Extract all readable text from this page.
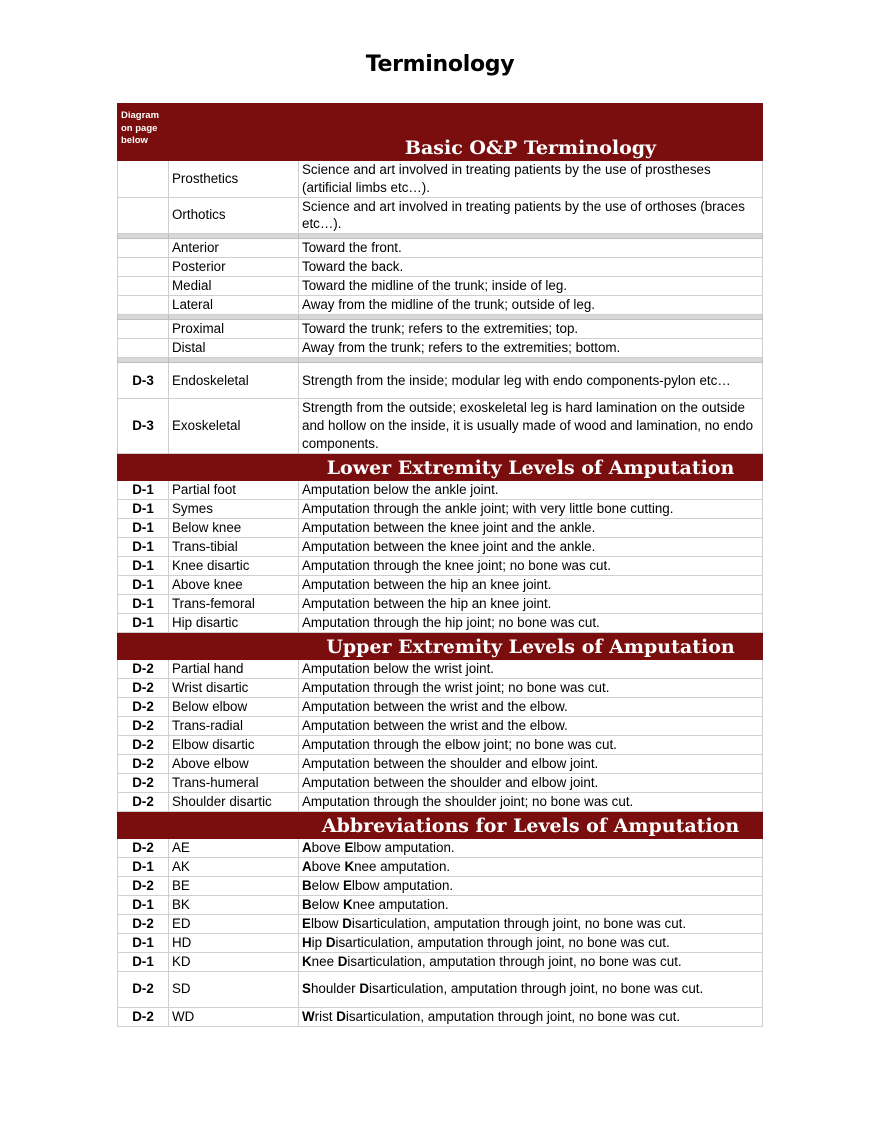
Terminology
Diagram on page below		Basic O&P Terminology
	Prosthetics	Science and art involved in treating patients by the use of prostheses (artificial limbs etc…).
	Orthotics	Science and art involved in treating patients by the use of orthoses (braces etc…).

	Anterior	Toward the front.
	Posterior	Toward the back.
	Medial	Toward the midline of the trunk; inside of leg.
	Lateral	Away from the midline of the trunk; outside of leg.

	Proximal	Toward the trunk; refers to the extremities; top.
	Distal	Away from the trunk; refers to the extremities; bottom.

D-3	Endoskeletal	Strength from the inside; modular leg with endo components-pylon etc…
D-3	Exoskeletal	Strength from the outside; exoskeletal leg is hard lamination on the outside and hollow on the inside, it is usually made of wood and lamination, no endo components.
		Lower Extremity Levels of Amputation
D-1	Partial foot	Amputation below the ankle joint.
D-1	Symes	Amputation through the ankle joint; with very little bone cutting.
D-1	Below knee	Amputation between the knee joint and the ankle.
D-1	Trans-tibial	Amputation between the knee joint and the ankle.
D-1	Knee disartic	Amputation through the knee joint; no bone was cut.
D-1	Above knee	Amputation between the hip an knee joint.
D-1	Trans-femoral	Amputation between the hip an knee joint.
D-1	Hip disartic	Amputation through the hip joint; no bone was cut.
		Upper Extremity Levels of Amputation
D-2	Partial hand	Amputation below the wrist joint.
D-2	Wrist disartic	Amputation through the wrist joint; no bone was cut.
D-2	Below elbow	Amputation between the wrist and the elbow.
D-2	Trans-radial	Amputation between the wrist and the elbow.
D-2	Elbow disartic	Amputation through the elbow joint; no bone was cut.
D-2	Above elbow	Amputation between the shoulder and elbow joint.
D-2	Trans-humeral	Amputation between the shoulder and elbow joint.
D-2	Shoulder disartic	Amputation through the shoulder joint; no bone was cut.
		Abbreviations for Levels of Amputation
D-2	AE	Above Elbow amputation.
D-1	AK	Above Knee amputation.
D-2	BE	Below Elbow amputation.
D-1	BK	Below Knee amputation.
D-2	ED	Elbow Disarticulation, amputation through joint, no bone was cut.
D-1	HD	Hip Disarticulation, amputation through joint, no bone was cut.
D-1	KD	Knee Disarticulation, amputation through joint, no bone was cut.
D-2	SD	Shoulder Disarticulation, amputation through joint, no bone was cut.
D-2	WD	Wrist Disarticulation, amputation through joint, no bone was cut.
